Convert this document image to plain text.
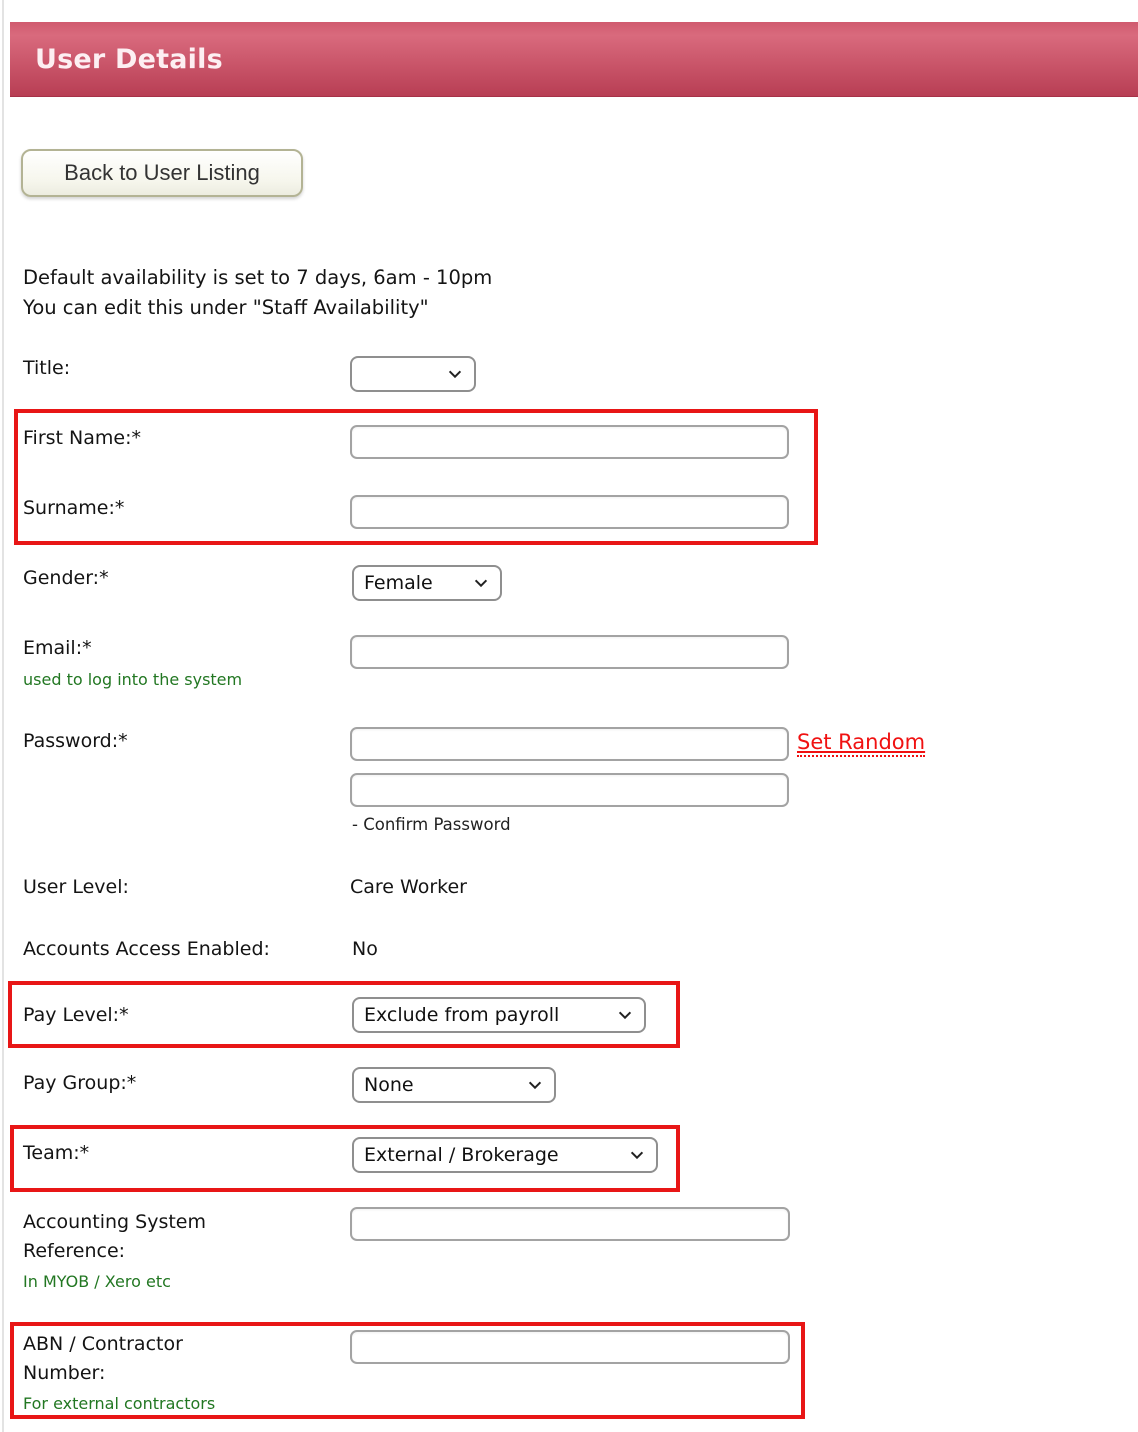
User Details
Back to User Listing
Default availability is set to 7 days, 6am - 10pm
You can edit this under "Staff Availability"
Title:
First Name:*
Surname:*
Gender:*	Female
Email:*
used to log into the system
Password:*	Set Random
- Confirm Password
User Level:	Care Worker
Accounts Access Enabled:	No
Pay Level:*	Exclude from payroll
Pay Group:*	None
Team:*	External / Brokerage
Accounting System Reference:
In MYOB / Xero etc
ABN / Contractor Number:
For external contractors
